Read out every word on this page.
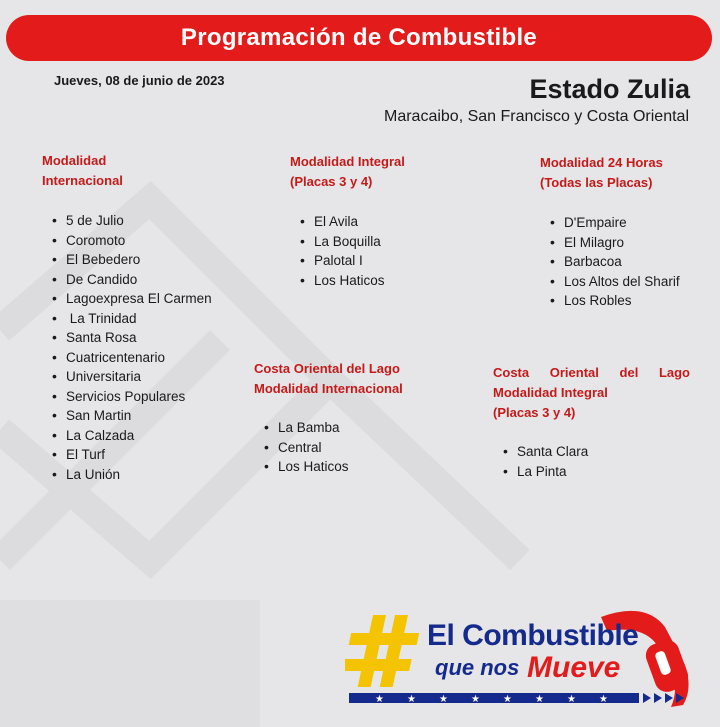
Programación de Combustible
Jueves, 08 de junio de 2023	Estado Zulia
Maracaibo, San Francisco y Costa Oriental
Modalidad
Internacional
• 5 de Julio
• Coromoto
• El Bebedero
• De Candido
• Lagoexpresa El Carmen
•  La Trinidad
• Santa Rosa
• Cuatricentenario
• Universitaria
• Servicios Populares
• San Martin
• La Calzada
• El Turf
• La Unión
Modalidad Integral
(Placas 3 y 4)
• El Avila
• La Boquilla
• Palotal I
• Los Haticos
Modalidad 24 Horas
(Todas las Placas)
• D'Empaire
• El Milagro
• Barbacoa
• Los Altos del Sharif
• Los Robles
Costa Oriental del Lago
Modalidad Internacional
• La Bamba
• Central
• Los Haticos
Costa Oriental del Lago
Modalidad Integral
(Placas 3 y 4)
• Santa Clara
• La Pinta
★ ★ ★ ★ ★ ★ ★ ★
El Combustible
que nos Mueve
